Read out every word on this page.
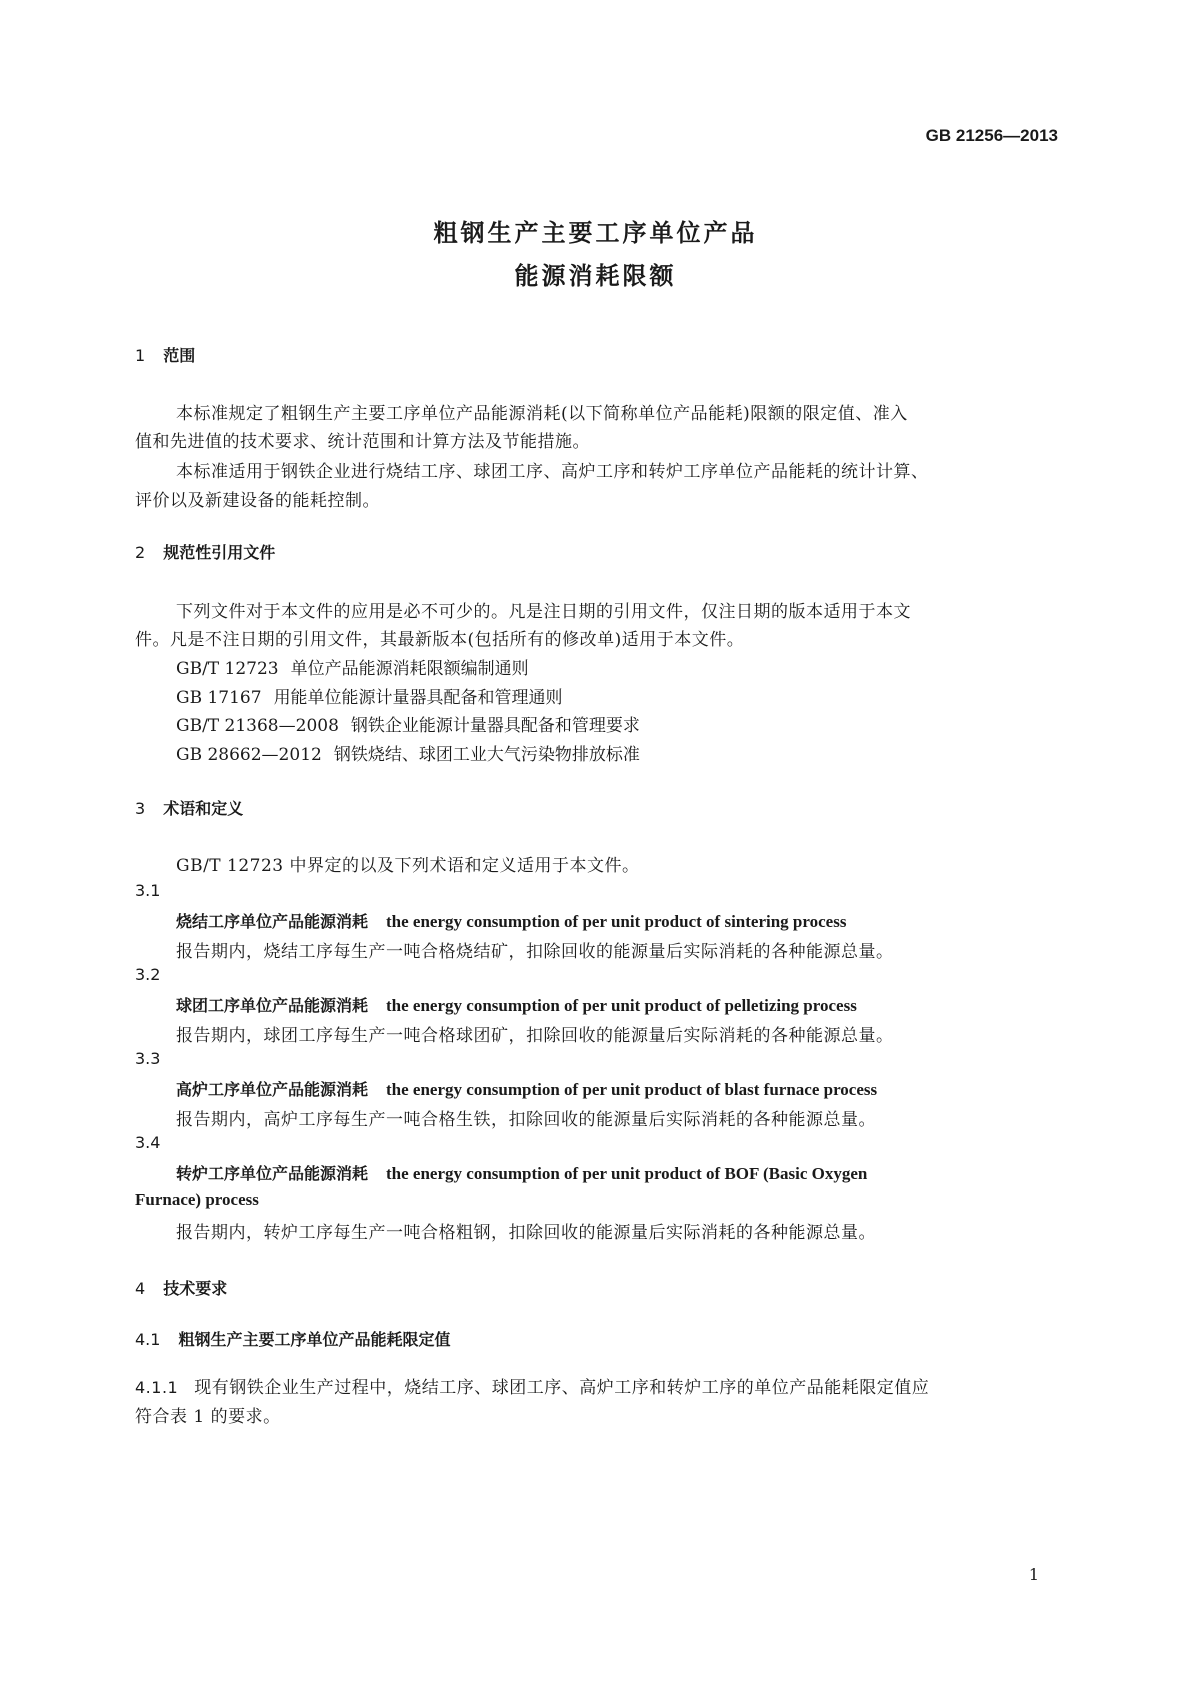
GB 21256—2013
粗钢生产主要工序单位产品
能源消耗限额
1 范围
本标准规定了粗钢生产主要工序单位产品能源消耗(以下简称单位产品能耗)限额的限定值、准入
值和先进值的技术要求、统计范围和计算方法及节能措施。
本标准适用于钢铁企业进行烧结工序、球团工序、高炉工序和转炉工序单位产品能耗的统计计算、
评价以及新建设备的能耗控制。
2 规范性引用文件
下列文件对于本文件的应用是必不可少的。凡是注日期的引用文件，仅注日期的版本适用于本文
件。凡是不注日期的引用文件，其最新版本(包括所有的修改单)适用于本文件。
GB/T 12723 单位产品能源消耗限额编制通则
GB 17167 用能单位能源计量器具配备和管理通则
GB/T 21368—2008 钢铁企业能源计量器具配备和管理要求
GB 28662—2012 钢铁烧结、球团工业大气污染物排放标准
3 术语和定义
GB/T 12723 中界定的以及下列术语和定义适用于本文件。
3.1
烧结工序单位产品能源消耗 the energy consumption of per unit product of sintering process
报告期内，烧结工序每生产一吨合格烧结矿，扣除回收的能源量后实际消耗的各种能源总量。
3.2
球团工序单位产品能源消耗 the energy consumption of per unit product of pelletizing process
报告期内，球团工序每生产一吨合格球团矿，扣除回收的能源量后实际消耗的各种能源总量。
3.3
高炉工序单位产品能源消耗 the energy consumption of per unit product of blast furnace process
报告期内，高炉工序每生产一吨合格生铁，扣除回收的能源量后实际消耗的各种能源总量。
3.4
转炉工序单位产品能源消耗 the energy consumption of per unit product of BOF (Basic Oxygen
Furnace) process
报告期内，转炉工序每生产一吨合格粗钢，扣除回收的能源量后实际消耗的各种能源总量。
4 技术要求
4.1 粗钢生产主要工序单位产品能耗限定值
4.1.1 现有钢铁企业生产过程中，烧结工序、球团工序、高炉工序和转炉工序的单位产品能耗限定值应
符合表 1 的要求。
1
